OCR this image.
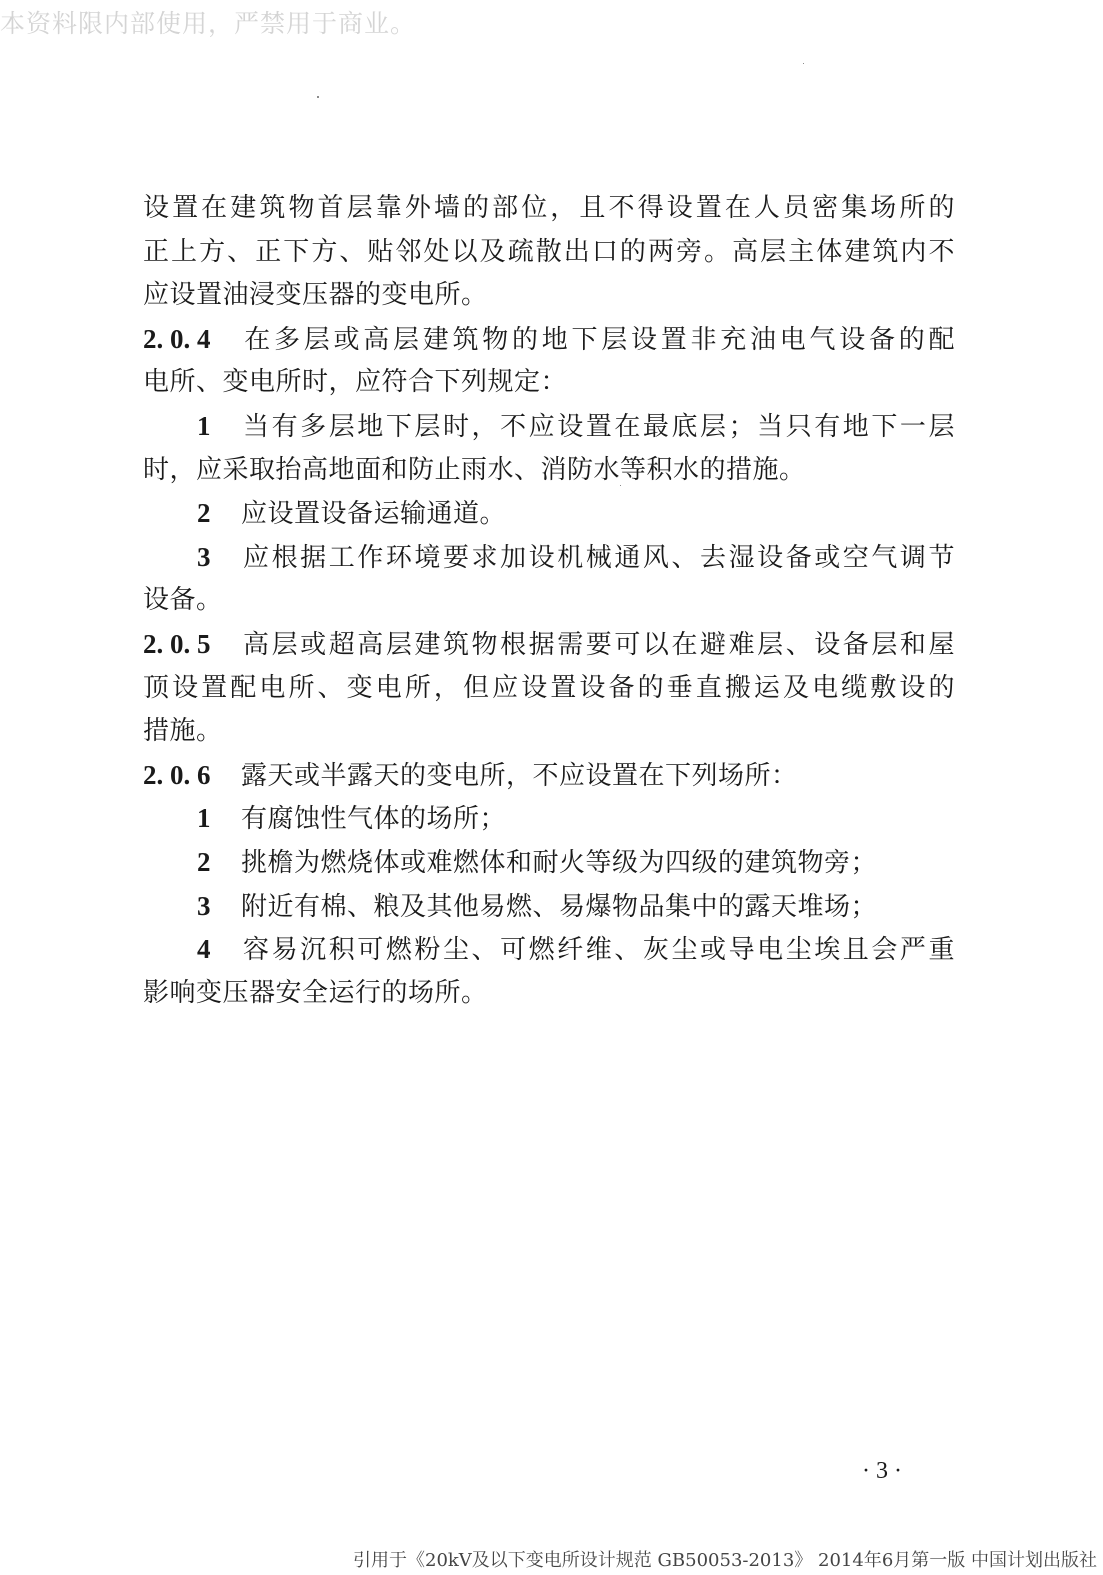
本资料限内部使用，严禁用于商业。
设置在建筑物首层靠外墙的部位，且不得设置在人员密集场所的
正上方、正下方、贴邻处以及疏散出口的两旁。高层主体建筑内不
应设置油浸变压器的变电所。
2. 0. 4 在多层或高层建筑物的地下层设置非充油电气设备的配
电所、变电所时，应符合下列规定：
1 当有多层地下层时，不应设置在最底层；当只有地下一层
时，应采取抬高地面和防止雨水、消防水等积水的措施。
2 应设置设备运输通道。
3 应根据工作环境要求加设机械通风、去湿设备或空气调节
设备。
2. 0. 5 高层或超高层建筑物根据需要可以在避难层、设备层和屋
顶设置配电所、变电所，但应设置设备的垂直搬运及电缆敷设的
措施。
2. 0. 6 露天或半露天的变电所，不应设置在下列场所：
1 有腐蚀性气体的场所；
2 挑檐为燃烧体或难燃体和耐火等级为四级的建筑物旁；
3 附近有棉、粮及其他易燃、易爆物品集中的露天堆场；
4 容易沉积可燃粉尘、可燃纤维、灰尘或导电尘埃且会严重
影响变压器安全运行的场所。
· 3 ·
引用于《20kV及以下变电所设计规范 GB50053-2013》 2014年6月第一版 中国计划出版社
